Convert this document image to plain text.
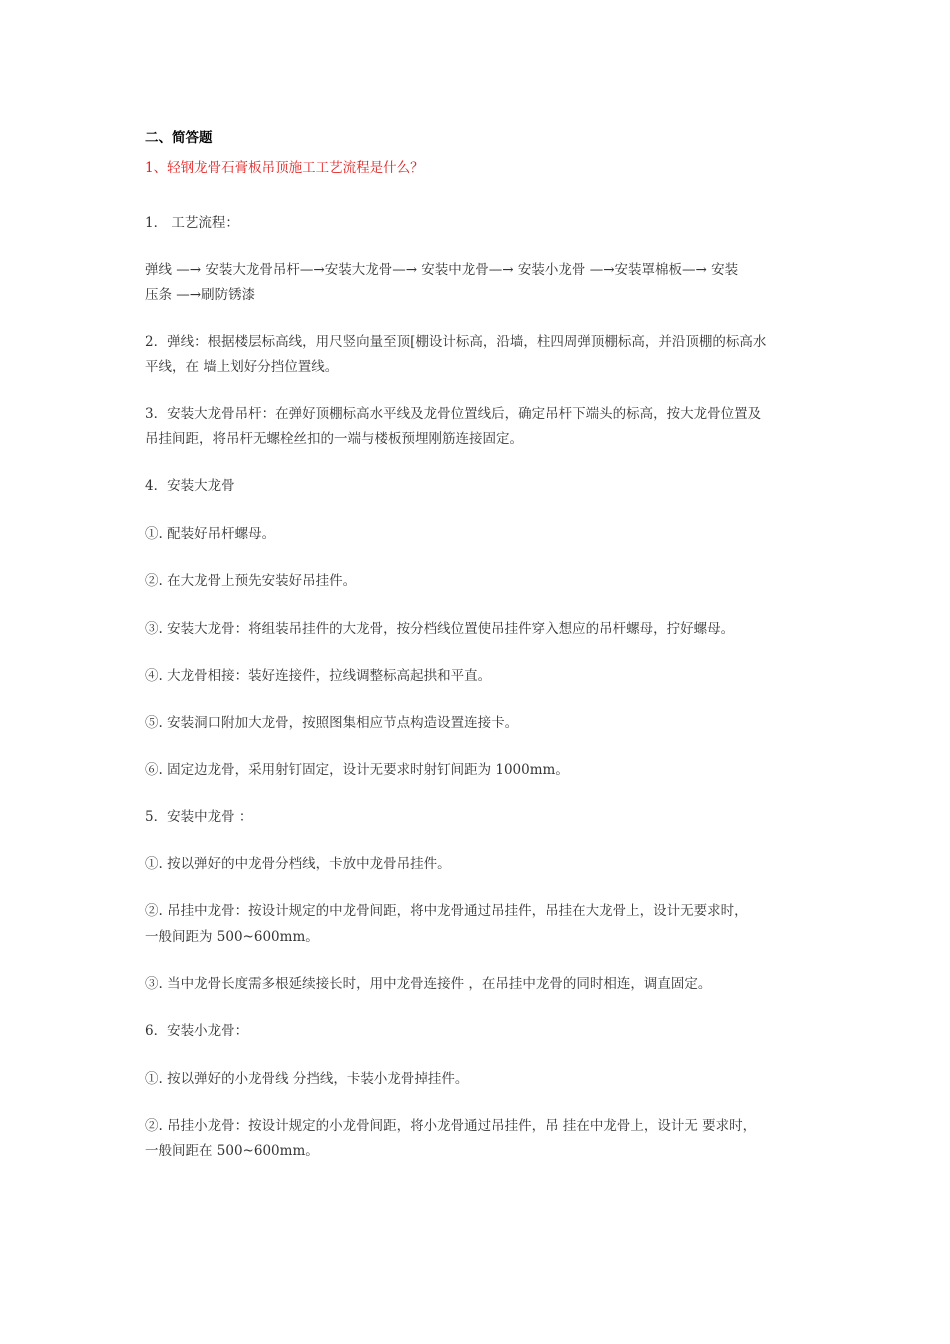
二、简答题
1、轻钢龙骨石膏板吊顶施工工艺流程是什么？
1． 工艺流程：
弹线 —→ 安装大龙骨吊杆—→安装大龙骨—→ 安装中龙骨—→ 安装小龙骨 —→安装罩棉板—→ 安装
压条 —→刷防锈漆
2．弹线：根据楼层标高线，用尺竖向量至顶[棚设计标高，沿墙，柱四周弹顶棚标高，并沿顶棚的标高水
平线，在 墙上划好分挡位置线。
3．安装大龙骨吊杆：在弹好顶棚标高水平线及龙骨位置线后，确定吊杆下端头的标高，按大龙骨位置及
吊挂间距，将吊杆无螺栓丝扣的一端与楼板预埋刚筋连接固定。
4．安装大龙骨
①. 配装好吊杆螺母。
②. 在大龙骨上预先安装好吊挂件。
③. 安装大龙骨：将组装吊挂件的大龙骨，按分档线位置使吊挂件穿入想应的吊杆螺母，拧好螺母。
④. 大龙骨相接：装好连接件，拉线调整标高起拱和平直。
⑤. 安装洞口附加大龙骨，按照图集相应节点构造设置连接卡。
⑥. 固定边龙骨，采用射钉固定，设计无要求时射钉间距为 1000mm。
5．安装中龙骨 ：
①. 按以弹好的中龙骨分档线，卡放中龙骨吊挂件。
②. 吊挂中龙骨：按设计规定的中龙骨间距，将中龙骨通过吊挂件，吊挂在大龙骨上，设计无要求时，
一般间距为 500~600mm。
③. 当中龙骨长度需多根延续接长时，用中龙骨连接件 ，在吊挂中龙骨的同时相连，调直固定。
6．安装小龙骨：
①. 按以弹好的小龙骨线 分挡线，卡装小龙骨掉挂件。
②. 吊挂小龙骨：按设计规定的小龙骨间距，将小龙骨通过吊挂件，吊 挂在中龙骨上，设计无 要求时，
一般间距在 500~600mm。
